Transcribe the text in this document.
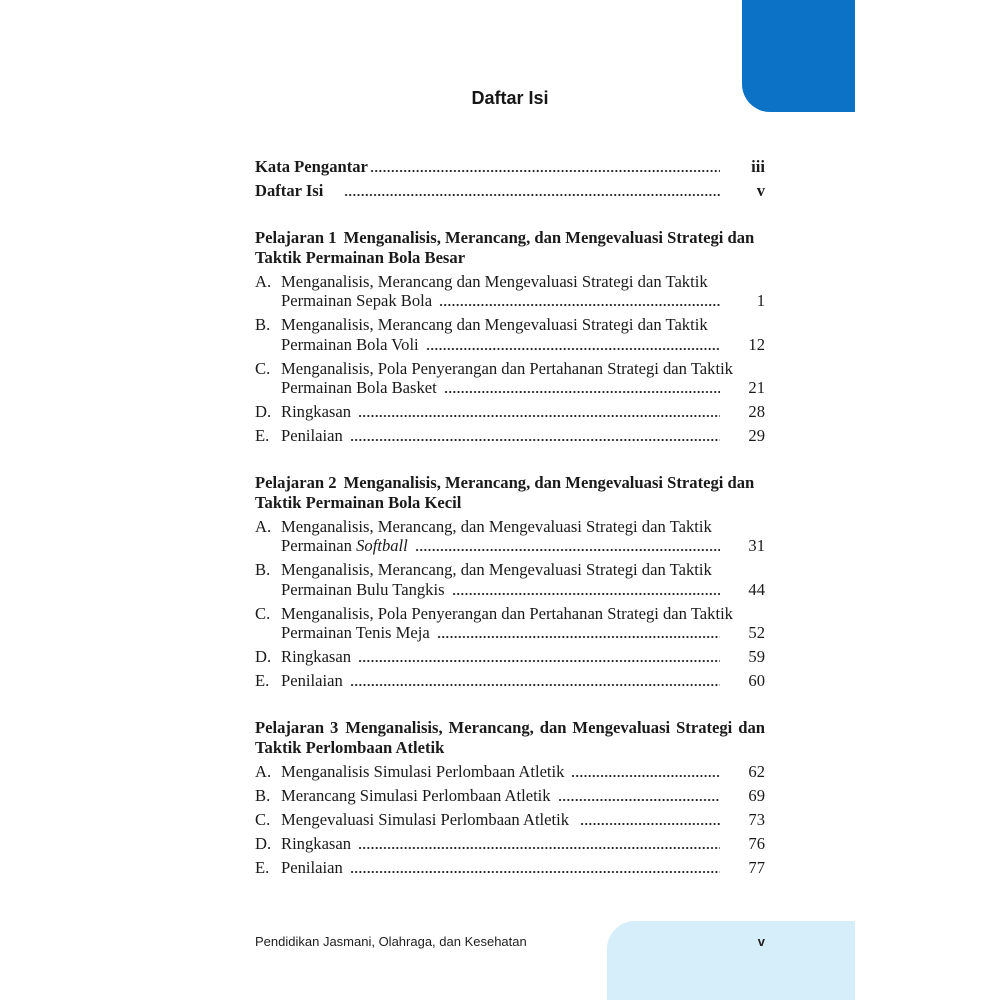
Daftar Isi
Kata Pengantar	iii
Daftar Isi	v
Pelajaran 1 Menganalisis, Merancang, dan Mengevaluasi Strategi dan
Taktik Permainan Bola Besar
A. Menganalisis, Merancang dan Mengevaluasi Strategi dan Taktik
Permainan Sepak Bola	1
B. Menganalisis, Merancang dan Mengevaluasi Strategi dan Taktik
Permainan Bola Voli	12
C. Menganalisis, Pola Penyerangan dan Pertahanan Strategi dan Taktik
Permainan Bola Basket	21
D. Ringkasan	28
E. Penilaian	29
Pelajaran 2 Menganalisis, Merancang, dan Mengevaluasi Strategi dan
Taktik Permainan Bola Kecil
A. Menganalisis, Merancang, dan Mengevaluasi Strategi dan Taktik
Permainan Softball	31
B. Menganalisis, Merancang, dan Mengevaluasi Strategi dan Taktik
Permainan Bulu Tangkis	44
C. Menganalisis, Pola Penyerangan dan Pertahanan Strategi dan Taktik
Permainan Tenis Meja	52
D. Ringkasan	59
E. Penilaian	60
Pelajaran 3 Menganalisis, Merancang, dan Mengevaluasi Strategi dan
Taktik Perlombaan Atletik
A. Menganalisis Simulasi Perlombaan Atletik	62
B. Merancang Simulasi Perlombaan Atletik	69
C. Mengevaluasi Simulasi Perlombaan Atletik	73
D. Ringkasan	76
E. Penilaian	77
Pendidikan Jasmani, Olahraga, dan Kesehatan	v
